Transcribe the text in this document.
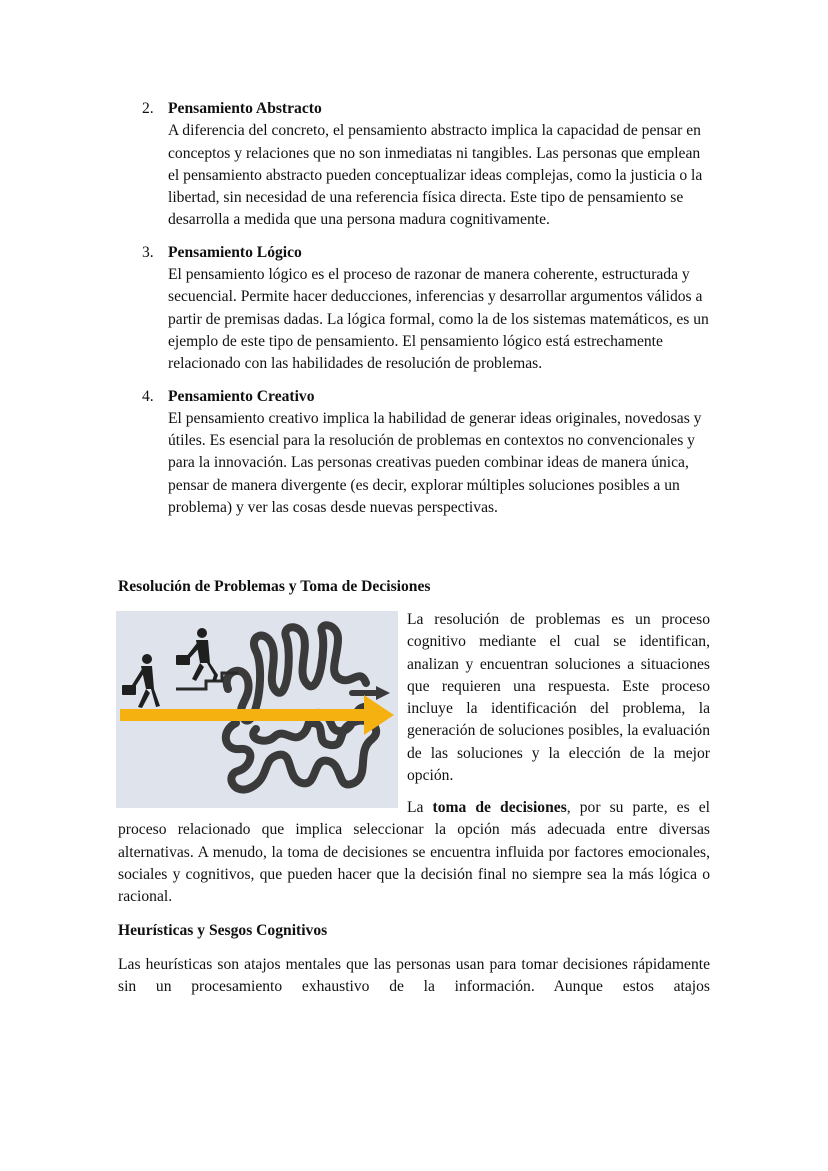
2. Pensamiento Abstracto
A diferencia del concreto, el pensamiento abstracto implica la capacidad de pensar en conceptos y relaciones que no son inmediatas ni tangibles. Las personas que emplean el pensamiento abstracto pueden conceptualizar ideas complejas, como la justicia o la libertad, sin necesidad de una referencia física directa. Este tipo de pensamiento se desarrolla a medida que una persona madura cognitivamente.
3. Pensamiento Lógico
El pensamiento lógico es el proceso de razonar de manera coherente, estructurada y secuencial. Permite hacer deducciones, inferencias y desarrollar argumentos válidos a partir de premisas dadas. La lógica formal, como la de los sistemas matemáticos, es un ejemplo de este tipo de pensamiento. El pensamiento lógico está estrechamente relacionado con las habilidades de resolución de problemas.
4. Pensamiento Creativo
El pensamiento creativo implica la habilidad de generar ideas originales, novedosas y útiles. Es esencial para la resolución de problemas en contextos no convencionales y para la innovación. Las personas creativas pueden combinar ideas de manera única, pensar de manera divergente (es decir, explorar múltiples soluciones posibles a un problema) y ver las cosas desde nuevas perspectivas.
Resolución de Problemas y Toma de Decisiones

La resolución de problemas es un proceso cognitivo mediante el cual se identifican, analizan y encuentran soluciones a situaciones que requieren una respuesta. Este proceso incluye la identificación del problema, la generación de soluciones posibles, la evaluación de las soluciones y la elección de la mejor opción.

La toma de decisiones, por su parte, es el proceso relacionado que implica seleccionar la opción más adecuada entre diversas alternativas. A menudo, la toma de decisiones se encuentra influida por factores emocionales, sociales y cognitivos, que pueden hacer que la decisión final no siempre sea la más lógica o racional.

Heurísticas y Sesgos Cognitivos

Las heurísticas son atajos mentales que las personas usan para tomar decisiones rápidamente sin un procesamiento exhaustivo de la información. Aunque estos atajos
